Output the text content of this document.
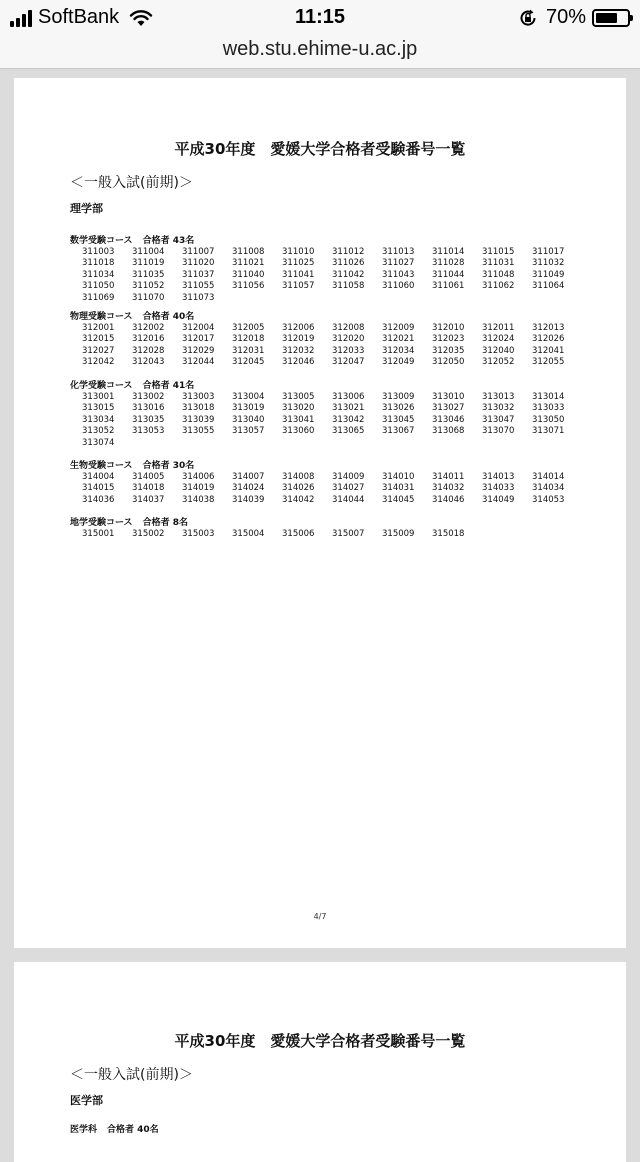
SoftBank	11:15	70%
web.stu.ehime-u.ac.jp
平成30年度　愛媛大学合格者受験番号一覧
＜一般入試(前期)＞
理学部
数学受験コース 合格者 43名
311003	311004	311007	311008	311010	311012	311013	311014	311015	311017
311018	311019	311020	311021	311025	311026	311027	311028	311031	311032
311034	311035	311037	311040	311041	311042	311043	311044	311048	311049
311050	311052	311055	311056	311057	311058	311060	311061	311062	311064
311069	311070	311073
物理受験コース 合格者 40名
312001	312002	312004	312005	312006	312008	312009	312010	312011	312013
312015	312016	312017	312018	312019	312020	312021	312023	312024	312026
312027	312028	312029	312031	312032	312033	312034	312035	312040	312041
312042	312043	312044	312045	312046	312047	312049	312050	312052	312055
化学受験コース 合格者 41名
313001	313002	313003	313004	313005	313006	313009	313010	313013	313014
313015	313016	313018	313019	313020	313021	313026	313027	313032	313033
313034	313035	313039	313040	313041	313042	313045	313046	313047	313050
313052	313053	313055	313057	313060	313065	313067	313068	313070	313071
313074
生物受験コース 合格者 30名
314004	314005	314006	314007	314008	314009	314010	314011	314013	314014
314015	314018	314019	314024	314026	314027	314031	314032	314033	314034
314036	314037	314038	314039	314042	314044	314045	314046	314049	314053
地学受験コース 合格者 8名
315001	315002	315003	315004	315006	315007	315009	315018
4/7
平成30年度　愛媛大学合格者受験番号一覧
＜一般入試(前期)＞
医学部
医学科 合格者 40名
